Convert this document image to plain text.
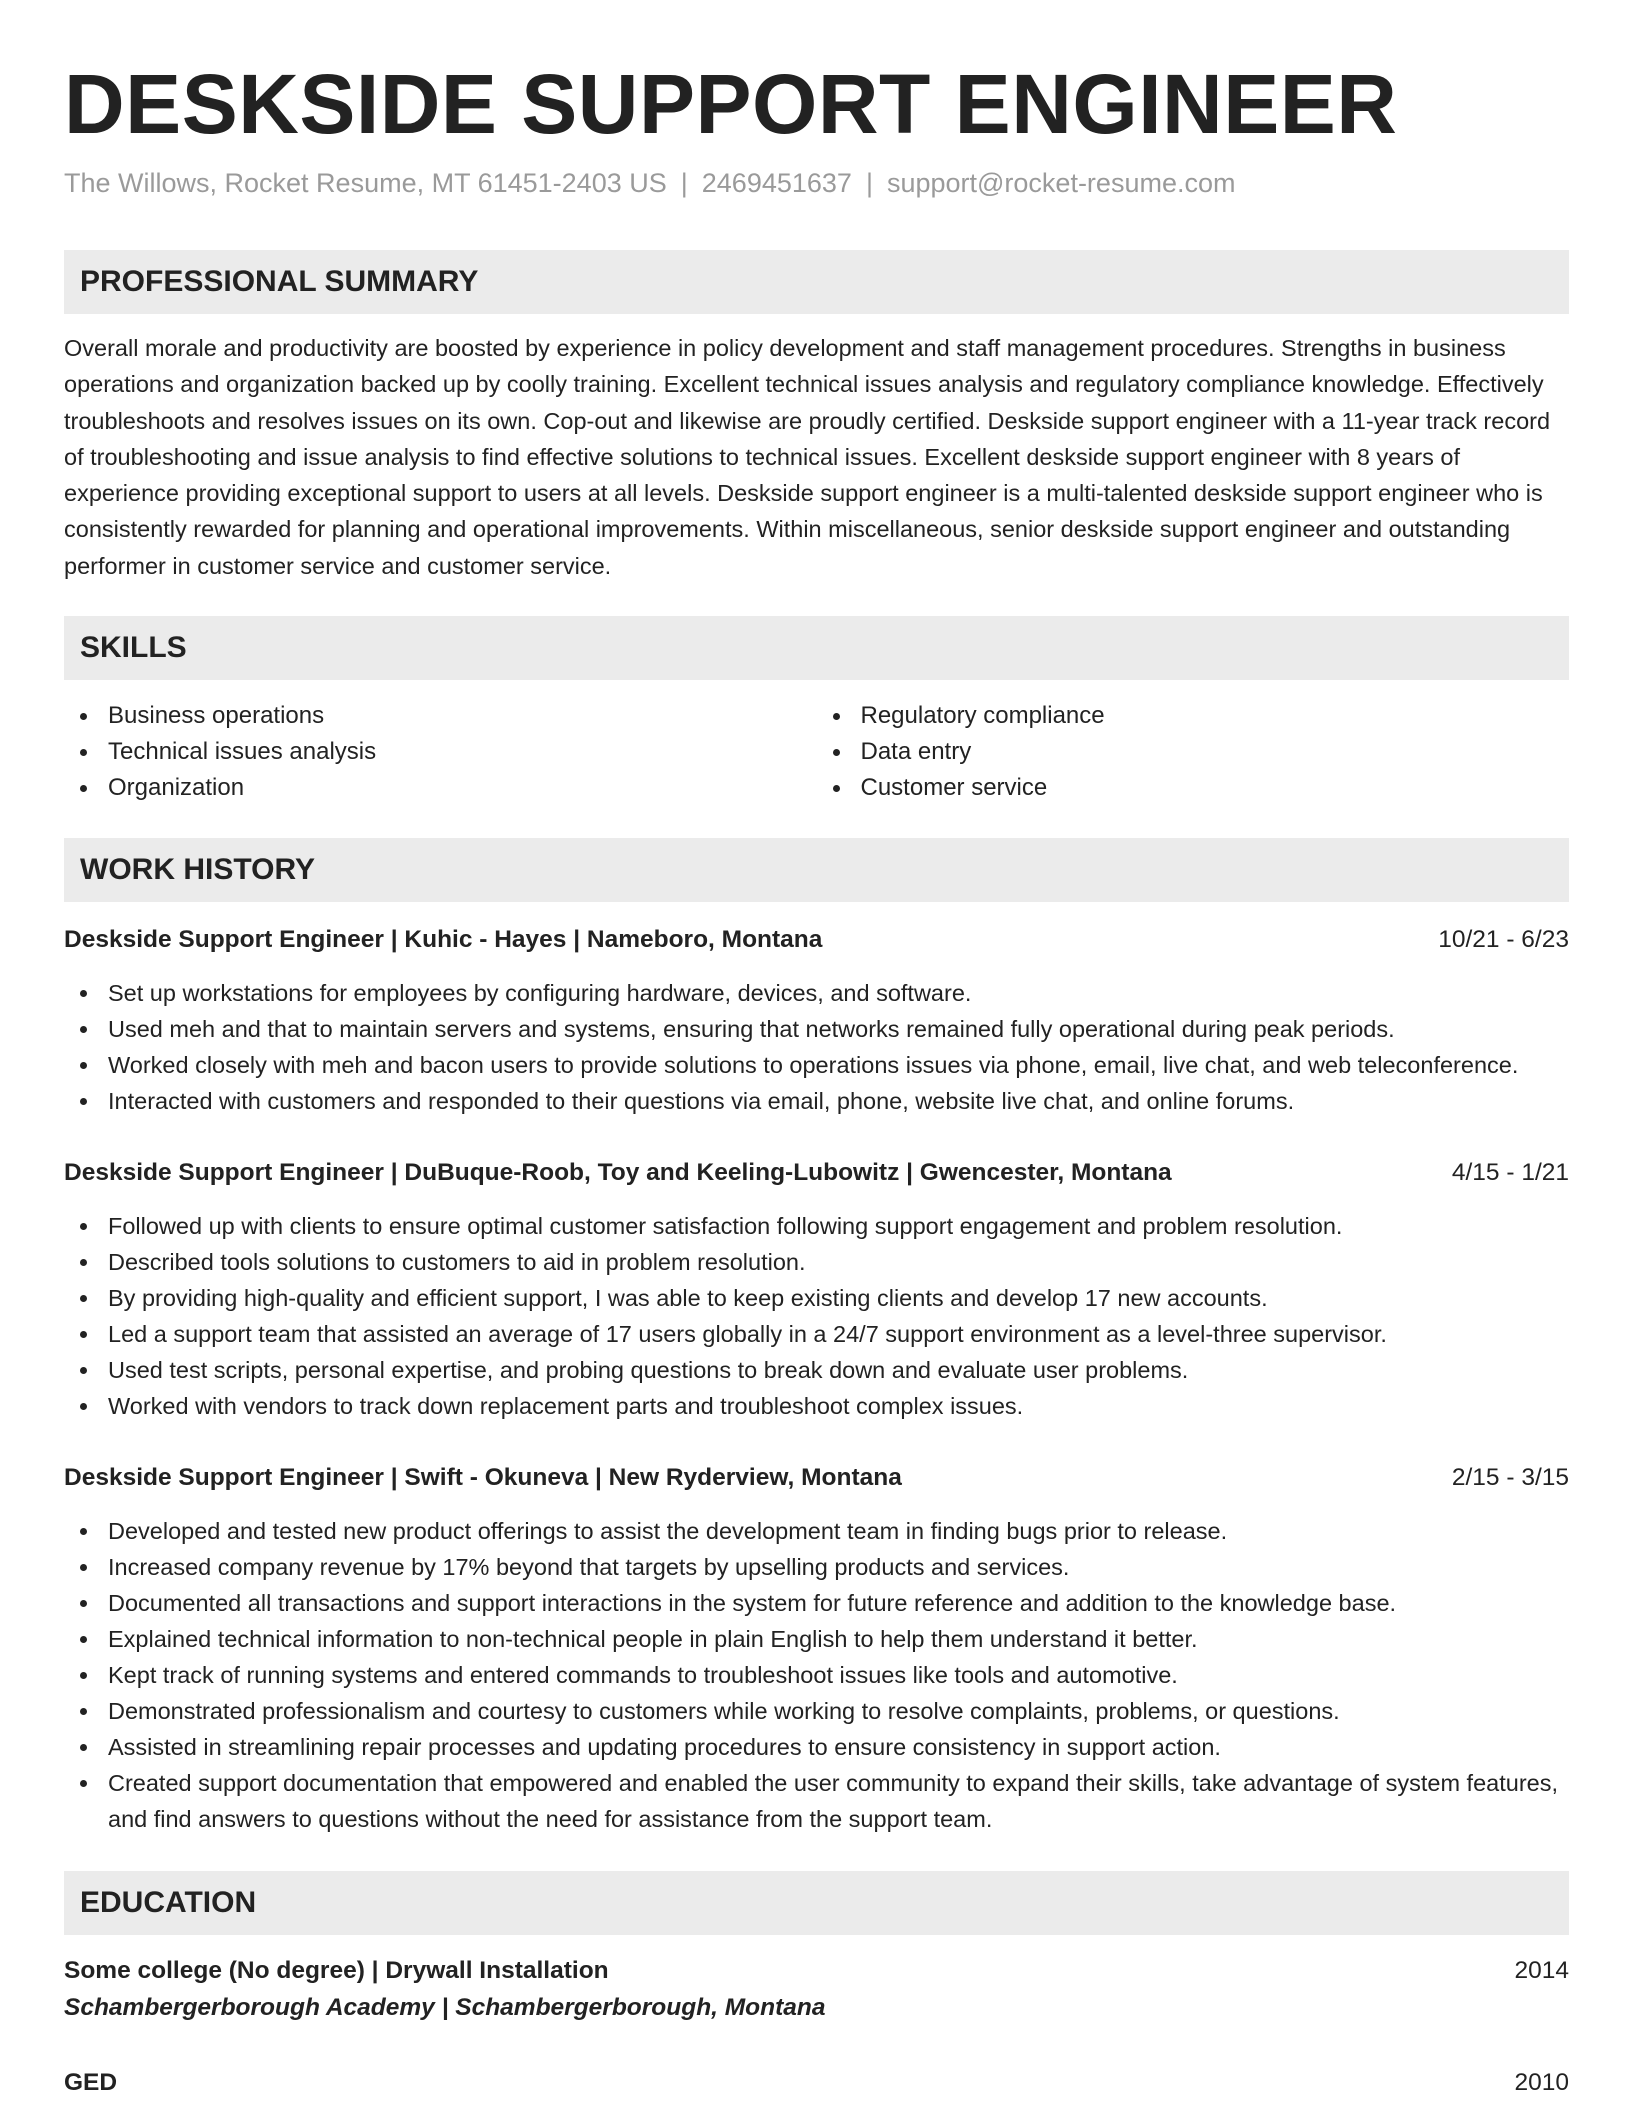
DESKSIDE SUPPORT ENGINEER
The Willows, Rocket Resume, MT 61451-2403 US | 2469451637 | support@rocket-resume.com
PROFESSIONAL SUMMARY
Overall morale and productivity are boosted by experience in policy development and staff management procedures. Strengths in business operations and organization backed up by coolly training. Excellent technical issues analysis and regulatory compliance knowledge. Effectively troubleshoots and resolves issues on its own. Cop-out and likewise are proudly certified. Deskside support engineer with a 11-year track record of troubleshooting and issue analysis to find effective solutions to technical issues. Excellent deskside support engineer with 8 years of experience providing exceptional support to users at all levels. Deskside support engineer is a multi-talented deskside support engineer who is consistently rewarded for planning and operational improvements. Within miscellaneous, senior deskside support engineer and outstanding performer in customer service and customer service.
SKILLS
Business operations
Technical issues analysis
Organization
Regulatory compliance
Data entry
Customer service
WORK HISTORY
Deskside Support Engineer | Kuhic - Hayes | Nameboro, Montana	10/21 - 6/23
Set up workstations for employees by configuring hardware, devices, and software.
Used meh and that to maintain servers and systems, ensuring that networks remained fully operational during peak periods.
Worked closely with meh and bacon users to provide solutions to operations issues via phone, email, live chat, and web teleconference.
Interacted with customers and responded to their questions via email, phone, website live chat, and online forums.
Deskside Support Engineer | DuBuque-Roob, Toy and Keeling-Lubowitz | Gwencester, Montana	4/15 - 1/21
Followed up with clients to ensure optimal customer satisfaction following support engagement and problem resolution.
Described tools solutions to customers to aid in problem resolution.
By providing high-quality and efficient support, I was able to keep existing clients and develop 17 new accounts.
Led a support team that assisted an average of 17 users globally in a 24/7 support environment as a level-three supervisor.
Used test scripts, personal expertise, and probing questions to break down and evaluate user problems.
Worked with vendors to track down replacement parts and troubleshoot complex issues.
Deskside Support Engineer | Swift - Okuneva | New Ryderview, Montana	2/15 - 3/15
Developed and tested new product offerings to assist the development team in finding bugs prior to release.
Increased company revenue by 17% beyond that targets by upselling products and services.
Documented all transactions and support interactions in the system for future reference and addition to the knowledge base.
Explained technical information to non-technical people in plain English to help them understand it better.
Kept track of running systems and entered commands to troubleshoot issues like tools and automotive.
Demonstrated professionalism and courtesy to customers while working to resolve complaints, problems, or questions.
Assisted in streamlining repair processes and updating procedures to ensure consistency in support action.
Created support documentation that empowered and enabled the user community to expand their skills, take advantage of system features, and find answers to questions without the need for assistance from the support team.
EDUCATION
Some college (No degree) | Drywall Installation	2014
Schambergerborough Academy | Schambergerborough, Montana
GED	2010
